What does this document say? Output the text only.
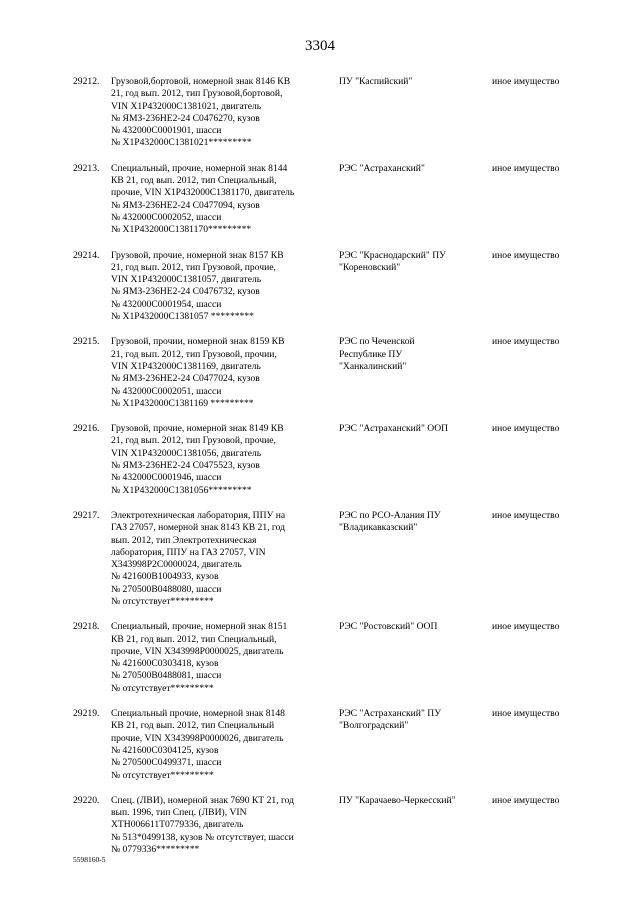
3304
29212.	Грузовой,бортовой, номерной знак 8146 КВ
21, год вып. 2012, тип Грузовой,бортовой,
VIN X1P432000C1381021, двигатель
№ ЯМЗ-236НЕ2-24 С0476270, кузов
№ 432000С0001901, шасси
№ X1P432000C1381021*********
ПУ "Каспийский"	иное имущество
29213.	Специальный, прочие, номерной знак 8144
КВ 21, год вып. 2012, тип Специальный,
прочие, VIN X1P432000C1381170, двигатель
№ ЯМЗ-236НЕ2-24 С0477094, кузов
№ 432000С0002052, шасси
№ X1P432000C1381170*********
РЭС "Астраханский"	иное имущество
29214.	Грузовой, прочие, номерной знак 8157 КВ
21, год вып. 2012, тип Грузовой, прочие,
VIN X1P432000C1381057, двигатель
№ ЯМЗ-236НЕ2-24 С0476732, кузов
№ 432000С0001954, шасси
№ X1P432000C1381057 *********
РЭС "Краснодарский" ПУ
"Кореновский"
иное имущество
29215.	Грузовой, прочии, номерной знак 8159 КВ
21, год вып. 2012, тип Грузовой, прочии,
VIN X1P432000C1381169, двигатель
№ ЯМЗ-236НЕ2-24 С0477024, кузов
№ 432000С0002051, шасси
№ X1P432000C1381169 *********
РЭС по Чеченской
Республике ПУ
"Ханкалинский"
иное имущество
29216.	Грузовой, прочие, номерной знак 8149 КВ
21, год вып. 2012, тип Грузовой, прочие,
VIN X1P432000C1381056, двигатель
№ ЯМЗ-236НЕ2-24 С0475523, кузов
№ 432000С0001946, шасси
№ X1P432000C1381056*********
РЭС "Астраханский" ООП	иное имущество
29217.	Электротехническая лаборатория, ППУ на
ГАЗ 27057, номерной знак 8143 КВ 21, год
вып. 2012, тип Электротехническая
лаборатория, ППУ на ГАЗ 27057, VIN
X343998P2C0000024, двигатель
№ 421600В1004933, кузов
№ 270500В0488080, шасси
№ отсутствует*********
РЭС по РСО-Алания ПУ
"Владикавказский"
иное имущество
29218.	Специальный, прочие, номерной знак 8151
КВ 21, год вып. 2012, тип Специальный,
прочие, VIN X343998P0000025, двигатель
№ 421600С0303418, кузов
№ 270500В0488081, шасси
№ отсутствует*********
РЭС "Ростовский" ООП	иное имущество
29219.	Специальный прочие, номерной знак 8148
КВ 21, год вып. 2012, тип Специальный
прочие, VIN X343998P0000026, двигатель
№ 421600С0304125, кузов
№ 270500С0499371, шасси
№ отсутствует*********
РЭС "Астраханский" ПУ
"Волгоградский"
иное имущество
29220.	Спец. (ЛВИ), номерной знак 7690 КТ 21, год
вып. 1996, тип Спец. (ЛВИ), VIN
XTH006611T0779336, двигатель
№ 513*0499138, кузов № отсутствует, шасси
№ 0779336*********
ПУ "Карачаево-Черкесский"	иное имущество
5598160-5
